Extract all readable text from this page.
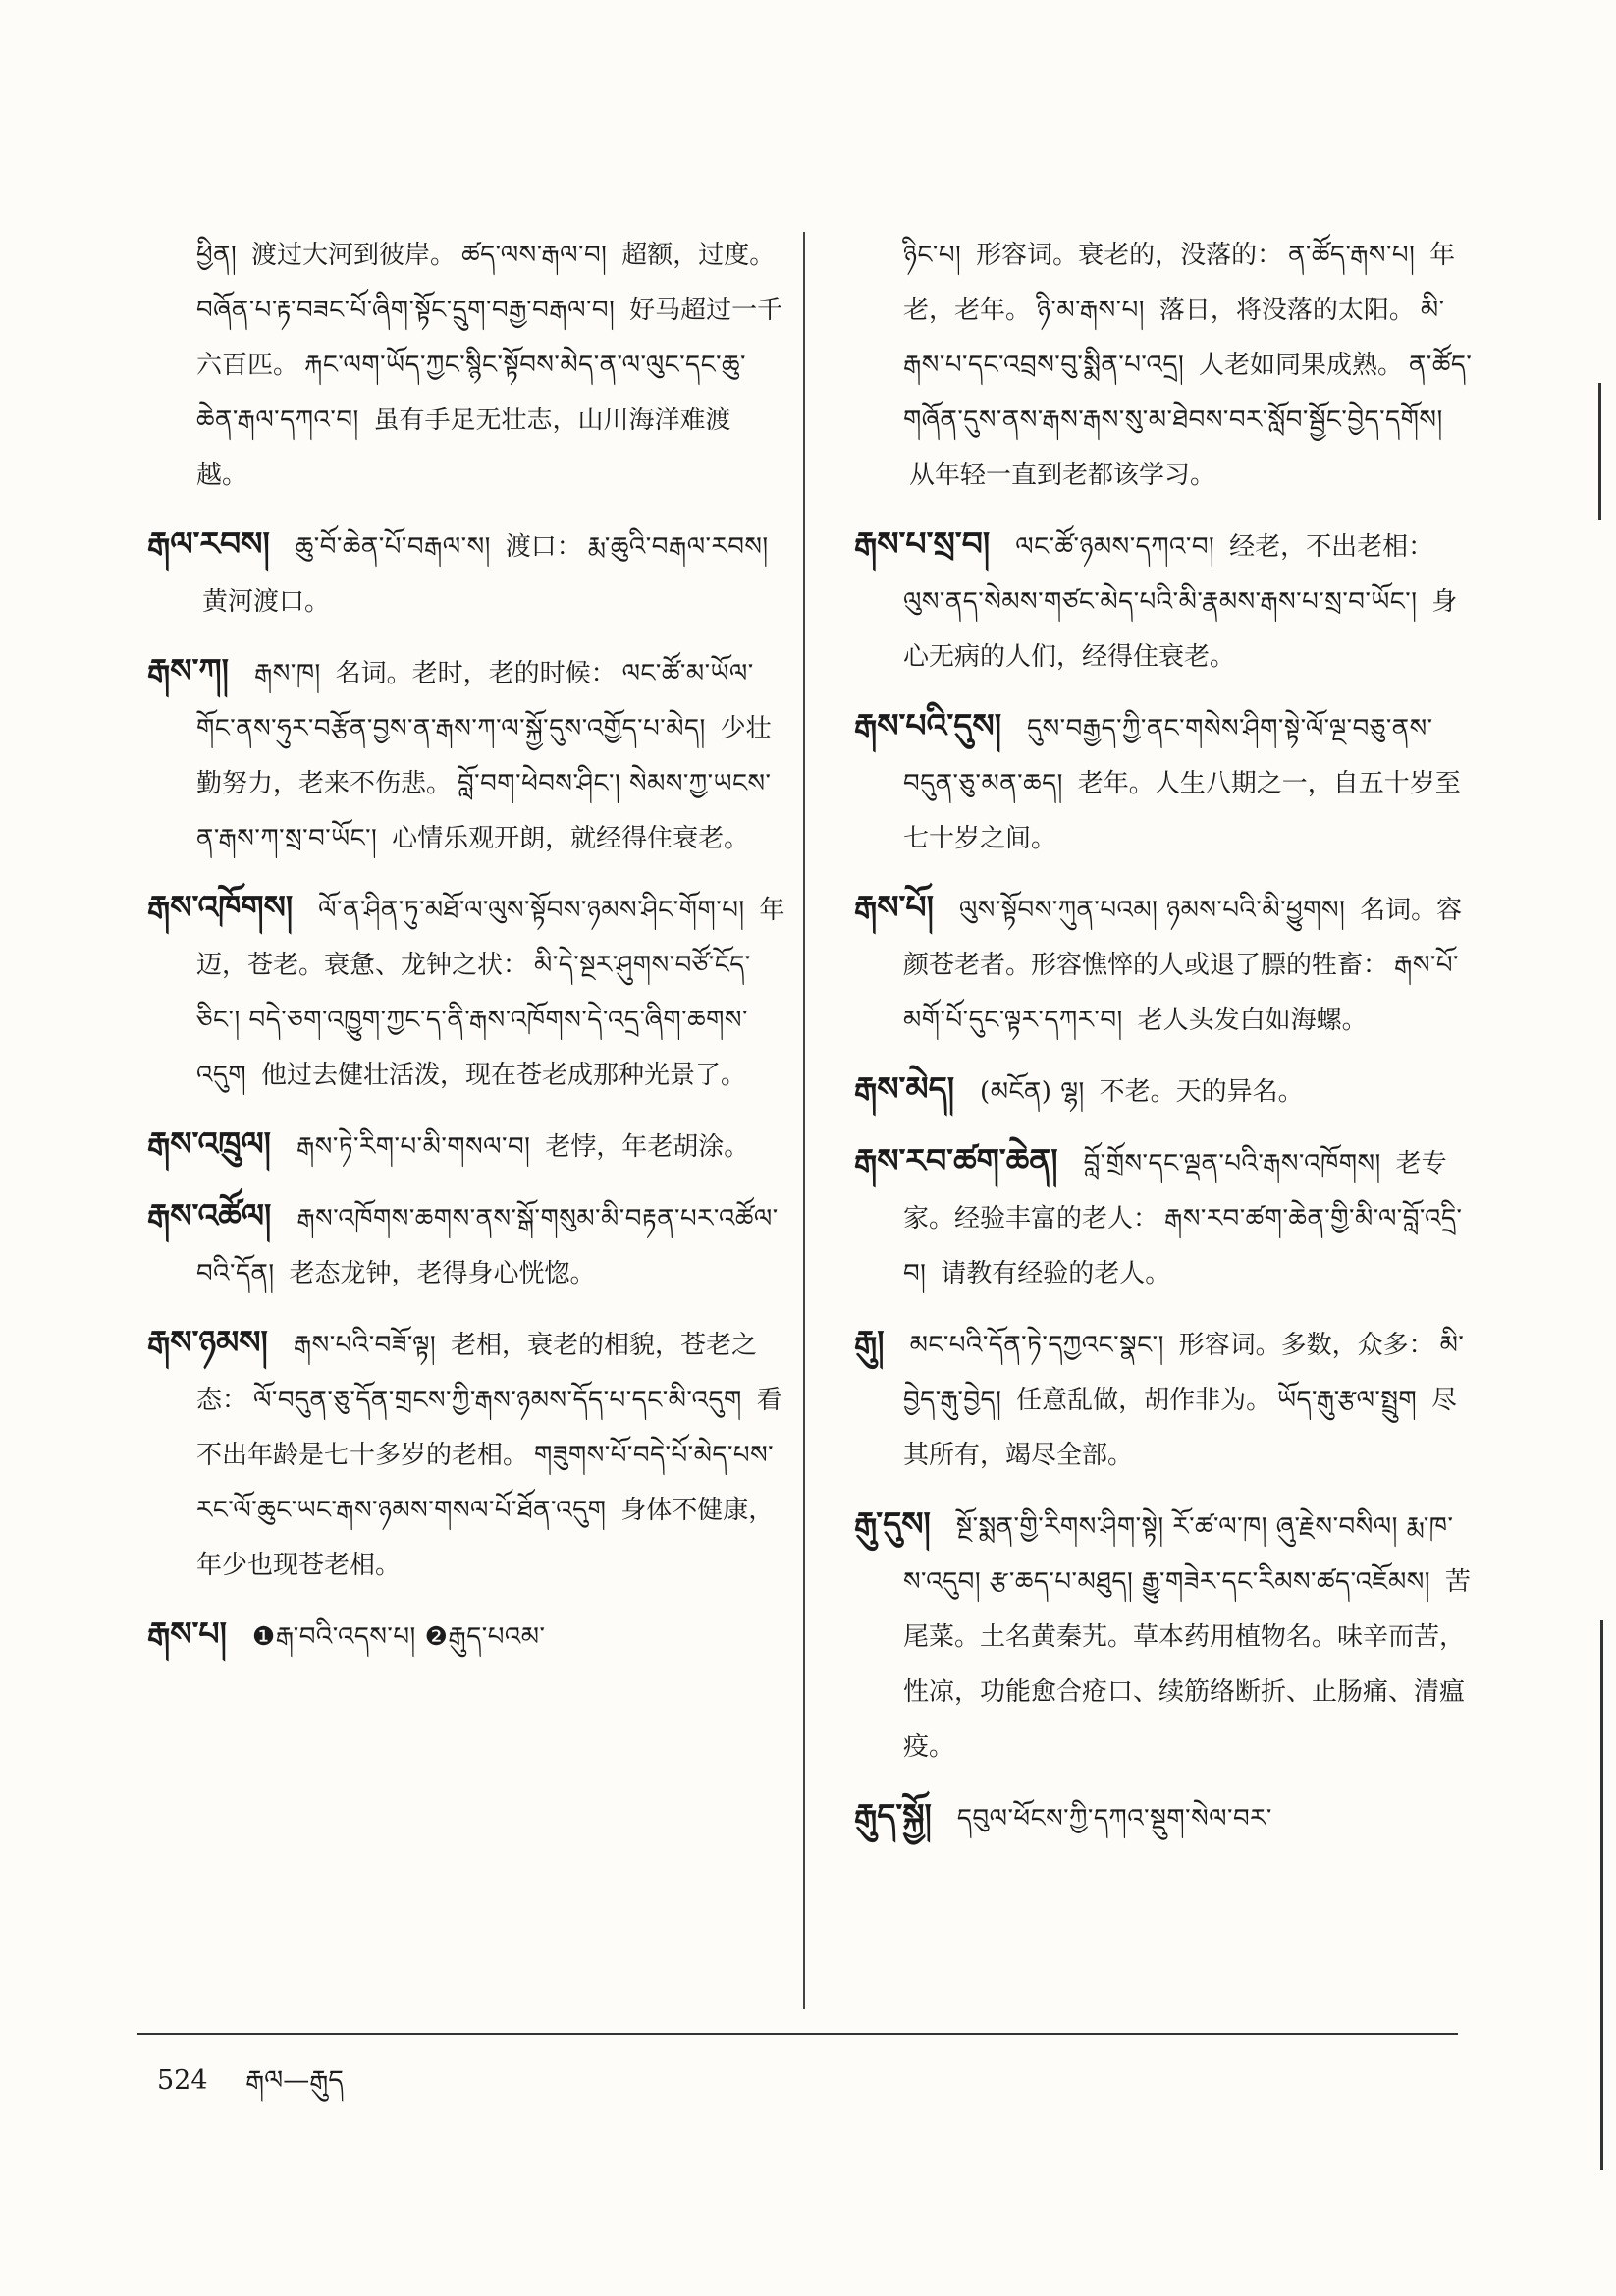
ཕྱིན། 渡过大河到彼岸。 ཚད་ལས་རྒལ་བ། 超额，过度。བཞོན་པ་རྟ་བཟང་པོ་ཞིག་སྟོང་དྲུག་བརྒྱ་བརྒལ་བ། 好马超过一千六百匹。 རྐང་ལག་ཡོད་ཀྱང་སྙིང་སྟོབས་མེད་ན་ལ་ལུང་དང་ཆུ་ཆེན་རྒལ་དཀའ་བ། 虽有手足无壮志，山川海洋难渡越。

རྒལ་རབས། ཆུ་བོ་ཆེན་པོ་བརྒལ་ས། 渡口： རྨ་ཆུའི་བརྒལ་རབས། 黄河渡口。

རྒས་ཀ། རྒས་ཁ། 名词。老时，老的时候： ལང་ཚོ་མ་ཡོལ་གོང་ནས་ཧུར་བརྩོན་བྱས་ན་རྒས་ཀ་ལ་སྐྱོ་དུས་འགྱོད་པ་མེད། 少壮勤努力，老来不伤悲。 བློ་བག་ཕེབས་ཤིང་། སེམས་ཀྱ་ཡངས་ན་རྒས་ཀ་སྲ་བ་ཡོང་། 心情乐观开朗，就经得住衰老。

རྒས་འཁོགས། ལོ་ན་ཤིན་ཏུ་མཐོ་ལ་ལུས་སྟོབས་ཉམས་ཤིང་གོག་པ། 年迈，苍老。衰惫、龙钟之状： མི་དེ་སྔར་ཤུགས་བཙོ་ངོད་ཅིང་། བདེ་ཅག་འཁྱུག་ཀྱང་ད་ནི་རྒས་འཁོགས་དེ་འདྲ་ཞིག་ཆགས་འདུག 他过去健壮活泼，现在苍老成那种光景了。

རྒས་འཁྲུལ། རྒས་ཏེ་རིག་པ་མི་གསལ་བ། 老悖，年老胡涂。

རྒས་འཚོལ། རྒས་འཁོགས་ཆགས་ནས་སྒོ་གསུམ་མི་བརྟན་པར་འཚོལ་བའི་དོན། 老态龙钟，老得身心恍惚。

རྒས་ཉམས། རྒས་པའི་བཟོ་ལྟ། 老相，衰老的相貌，苍老之态： ལོ་བདུན་ཅུ་དོན་གྲངས་ཀྱི་རྒས་ཉམས་དོད་པ་དང་མི་འདུག 看不出年龄是七十多岁的老相。 གཟུགས་པོ་བདེ་པོ་མེད་པས་རང་ལོ་ཆུང་ཡང་རྒས་ཉམས་གསལ་པོ་ཐོན་འདུག 身体不健康，年少也现苍老相。

རྒས་པ། ❶རྒ་བའི་འདས་པ། ❷རྒུད་པའམ་

ཉིང་པ། 形容词。衰老的，没落的： ན་ཚོད་རྒས་པ། 年老，老年。 ཉི་མ་རྒས་པ། 落日，将没落的太阳。 མི་རྒས་པ་དང་འབྲས་བུ་སྨིན་པ་འདྲ། 人老如同果成熟。 ན་ཚོད་གཞོན་དུས་ནས་རྒས་རྒས་སུ་མ་ཐེབས་བར་སློབ་སྦྱོང་བྱེད་དགོས། 从年轻一直到老都该学习。

རྒས་པ་སྲ་བ། ལང་ཚོ་ཉམས་དཀའ་བ། 经老，不出老相：ལུས་ནད་སེམས་གཙང་མེད་པའི་མི་རྣམས་རྒས་པ་སྲ་བ་ཡོང་། 身心无病的人们，经得住衰老。

རྒས་པའི་དུས། དུས་བརྒྱད་ཀྱི་ནང་གསེས་ཤིག་སྟེ་ལོ་ལྔ་བཅུ་ནས་བདུན་ཅུ་མན་ཆད། 老年。人生八期之一，自五十岁至七十岁之间。

རྒས་པོ། ལུས་སྟོབས་ཀུན་པའམ། ཉམས་པའི་མི་ཕྱུགས། 名词。容颜苍老者。形容憔悴的人或退了膘的牲畜： རྒས་པོ་མགོ་པོ་དུང་ལྟར་དཀར་བ། 老人头发白如海螺。

རྒས་མེད། (མངོན) ལྷ། 不老。天的异名。

རྒས་རབ་ཚག་ཆེན། བློ་གྲོས་དང་ལྡན་པའི་རྒས་འཁོགས། 老专家。经验丰富的老人： རྒས་རབ་ཚག་ཆེན་གྱི་མི་ལ་བློ་འདྲི་བ། 请教有经验的老人。

རྒུ། མང་པའི་དོན་ཏེ་དཀྱའང་སྣང་། 形容词。多数，众多： མི་བྱེད་རྒུ་བྱེད། 任意乱做，胡作非为。 ཡོད་རྒུ་རྩལ་སྤྲུག 尽其所有，竭尽全部。

རྒུ་དུས། སྔོ་སྨན་གྱི་རིགས་ཤིག་སྟེ། རོ་ཚ་ལ་ཁ། ཞུ་རྗེས་བསིལ། རྨ་ཁ་ས་འདུབ། རྩ་ཆད་པ་མཐུད། རྒྱུ་གཟེར་དང་རིམས་ཚད་འཇོམས། 苦尾菜。土名黄秦艽。草本药用植物名。味辛而苦，性凉，功能愈合疮口、续筋络断折、止肠痛、清瘟疫。

རྒུད་སྐྱོ། དབུལ་ཕོངས་ཀྱི་དཀའ་སྡུག་སེལ་བར་

524 རྒལ—རྒུད
